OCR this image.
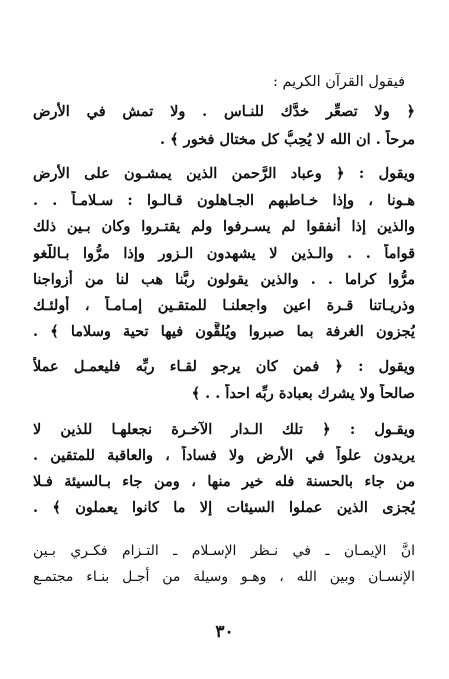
فيقول القرآن الكريم :
﴿ ولا تصعِّر خدَّك للنـاس . ولا تمش في الأرض
مرحاً . ان الله لا يُحِبُّ كل مختال فخور ﴾ .
ويقول : ﴿ وعباد الرَّحمن الذين يمشـون على الأرض
هـونا ، وإذا خـاطبهم الجـاهلون قـالـوا : سـلامـاً . .
والذين إذا أنفقوا لم يسـرفوا ولم يقتـروا وكان بـين ذلك
قواماً . . والـذين لا يشهدون الـزور وإذا مرُّوا بـاللَّغو
مرُّوا كراما . . والذين يقولون ربَّنا هب لنا من أزواجنا
وذريـاتنا قـرة اعين واجعلنـا للمتقـين إمـامـاً ، أولئـك
يُجزون الغرفة بما صبروا ويُلقَّون فيها تحية وسلاما ﴾ .
ويقول : ﴿ فمن كان يرجو لقـاء ربِّه فليعمـل عملاً
صالحاً ولا يشرك بعبادة ربِّه احداً . . ﴾
ويقـول : ﴿ تلك الـدار الآخـرة نجعلهـا للذين لا
يريدون علواً في الأرض ولا فساداً ، والعاقبة للمتقين .
من جاء بالحسنة فله خير منها ، ومن جاء بـالسيئة فـلا
يُجزى الذين عملوا السيئات إلا ما كانوا يعملون ﴾ .
انَّ الإيمـان ـ في نـظر الإسـلام ـ التـزام فكـري بـين
الإنسـان وبين الله ، وهـو وسيلة من أجـل بنـاء مجتمـع
٣٠
